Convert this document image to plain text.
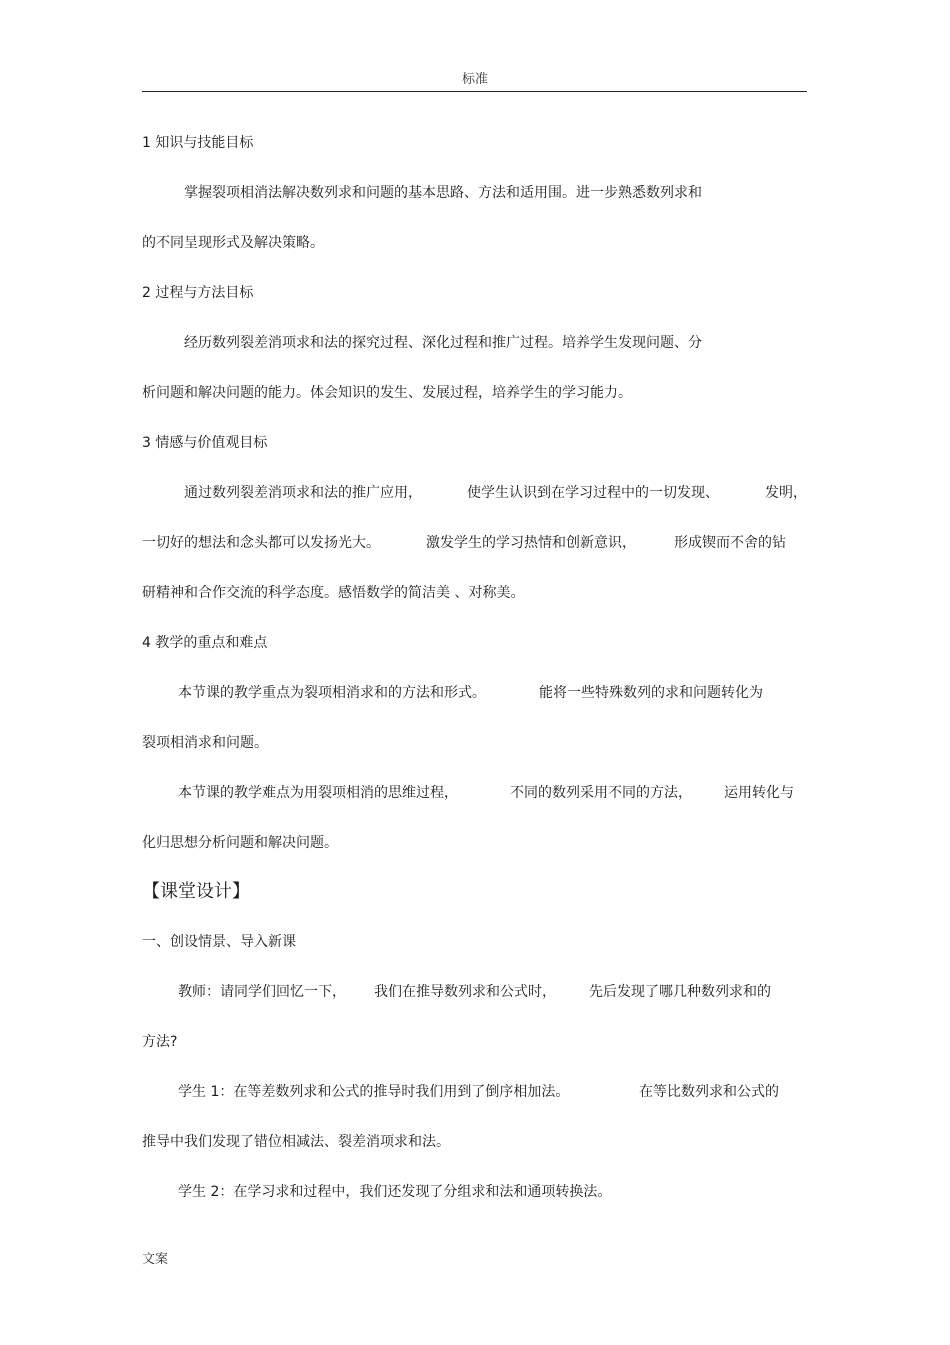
标准
1 知识与技能目标
掌握裂项相消法解决数列求和问题的基本思路、方法和适用围。进一步熟悉数列求和
的不同呈现形式及解决策略。
2 过程与方法目标
经历数列裂差消项求和法的探究过程、深化过程和推广过程。培养学生发现问题、分
析问题和解决问题的能力。体会知识的发生、发展过程，培养学生的学习能力。
3 情感与价值观目标
通过数列裂差消项求和法的推广应用，	使学生认识到在学习过程中的一切发现、	发明，
一切好的想法和念头都可以发扬光大。	激发学生的学习热情和创新意识，	形成锲而不舍的钻
研精神和合作交流的科学态度。感悟数学的简洁美 、对称美。
4 教学的重点和难点
本节课的教学重点为裂项相消求和的方法和形式。	能将一些特殊数列的求和问题转化为
裂项相消求和问题。
本节课的教学难点为用裂项相消的思维过程，	不同的数列采用不同的方法， 运用转化与
化归思想分析问题和解决问题。
【课堂设计】
一、创设情景、导入新课
教师：请同学们回忆一下， 我们在推导数列求和公式时， 先后发现了哪几种数列求和的
方法?
学生 1：在等差数列求和公式的推导时我们用到了倒序相加法。	在等比数列求和公式的
推导中我们发现了错位相减法、裂差消项求和法。
学生 2：在学习求和过程中，我们还发现了分组求和法和通项转换法。
文案
